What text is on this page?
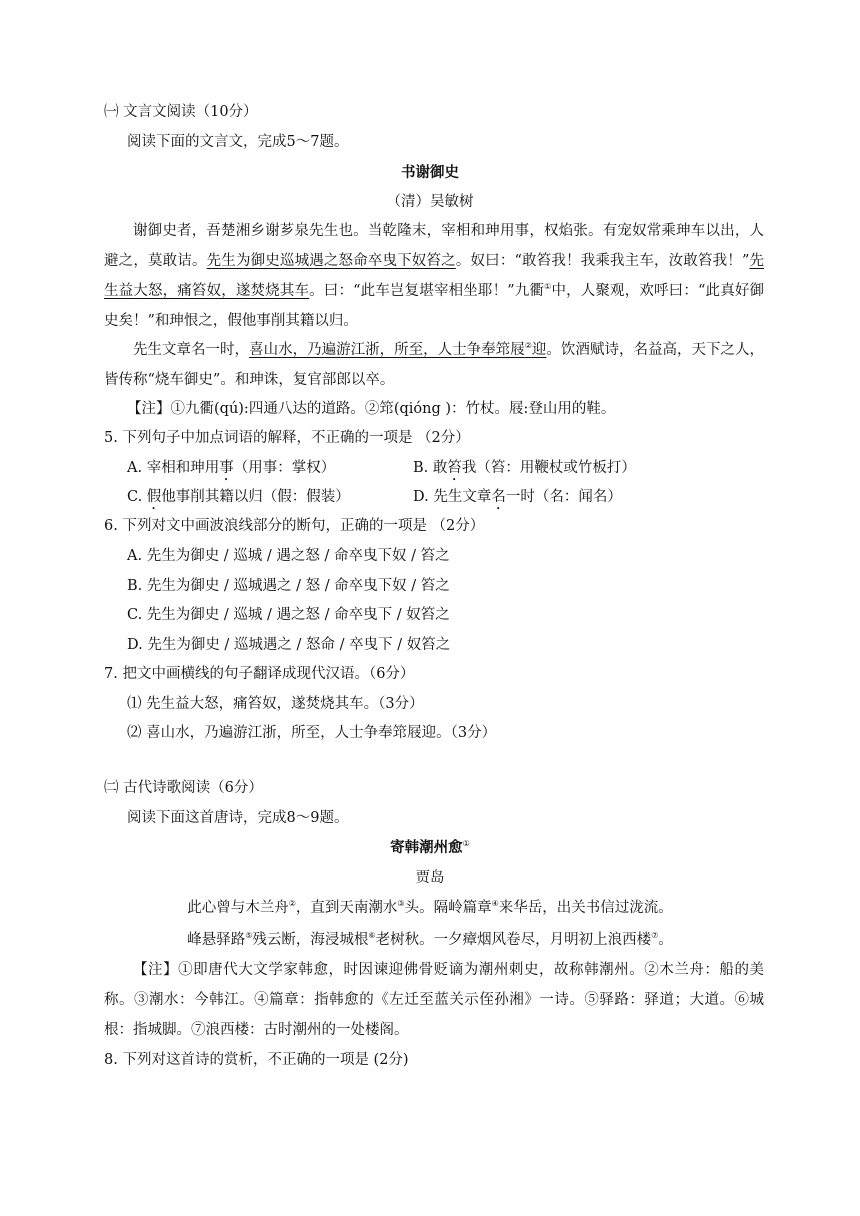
㈠ 文言文阅读（10分）
阅读下面的文言文，完成5～7题。
书谢御史
（清）吴敏树
谢御史者，吾楚湘乡谢芗泉先生也。当乾隆末，宰相和珅用事，权焰张。有宠奴常乘珅车以出，人避之，莫敢诘。先生为御史巡城遇之怒命卒曳下奴笞之。奴曰：“敢笞我！我乘我主车，汝敢笞我！”先生益大怒，痛笞奴，遂焚烧其车。曰：“此车岂复堪宰相坐耶！”九衢①中，人聚观，欢呼曰：“此真好御史矣！”和珅恨之，假他事削其籍以归。
先生文章名一时，喜山水，乃遍游江浙，所至，人士争奉筇屐②迎。饮酒赋诗，名益高，天下之人，皆传称“烧车御史”。和珅诛，复官部郎以卒。
【注】①九衢(qú):四通八达的道路。②筇(qióng )：竹杖。屐:登山用的鞋。
5. 下列句子中加点词语的解释，不正确的一项是 （2分）
A. 宰相和珅用事（用事：掌权）	B. 敢笞我（笞：用鞭杖或竹板打）
C. 假他事削其籍以归（假：假装）	D. 先生文章名一时（名：闻名）
6. 下列对文中画波浪线部分的断句，正确的一项是 （2分）
A. 先生为御史 / 巡城 / 遇之怒 / 命卒曳下奴 / 笞之
B. 先生为御史 / 巡城遇之 / 怒 / 命卒曳下奴 / 笞之
C. 先生为御史 / 巡城 / 遇之怒 / 命卒曳下 / 奴笞之
D. 先生为御史 / 巡城遇之 / 怒命 / 卒曳下 / 奴笞之
7. 把文中画横线的句子翻译成现代汉语。（6分）
⑴ 先生益大怒，痛笞奴，遂焚烧其车。（3分）
⑵ 喜山水，乃遍游江浙，所至，人士争奉筇屐迎。（3分）
㈡ 古代诗歌阅读（6分）
阅读下面这首唐诗，完成8～9题。
寄韩潮州愈①
贾岛
此心曾与木兰舟②，直到天南潮水③头。隔岭篇章④来华岳，出关书信过泷流。
峰悬驿路⑤残云断，海浸城根⑥老树秋。一夕瘴烟风卷尽，月明初上浪西楼⑦。
【注】①即唐代大文学家韩愈，时因谏迎佛骨贬谪为潮州刺史，故称韩潮州。②木兰舟：船的美称。③潮水：今韩江。④篇章：指韩愈的《左迁至蓝关示侄孙湘》一诗。⑤驿路：驿道；大道。⑥城根：指城脚。⑦浪西楼：古时潮州的一处楼阁。
8. 下列对这首诗的赏析，不正确的一项是 (2分)
